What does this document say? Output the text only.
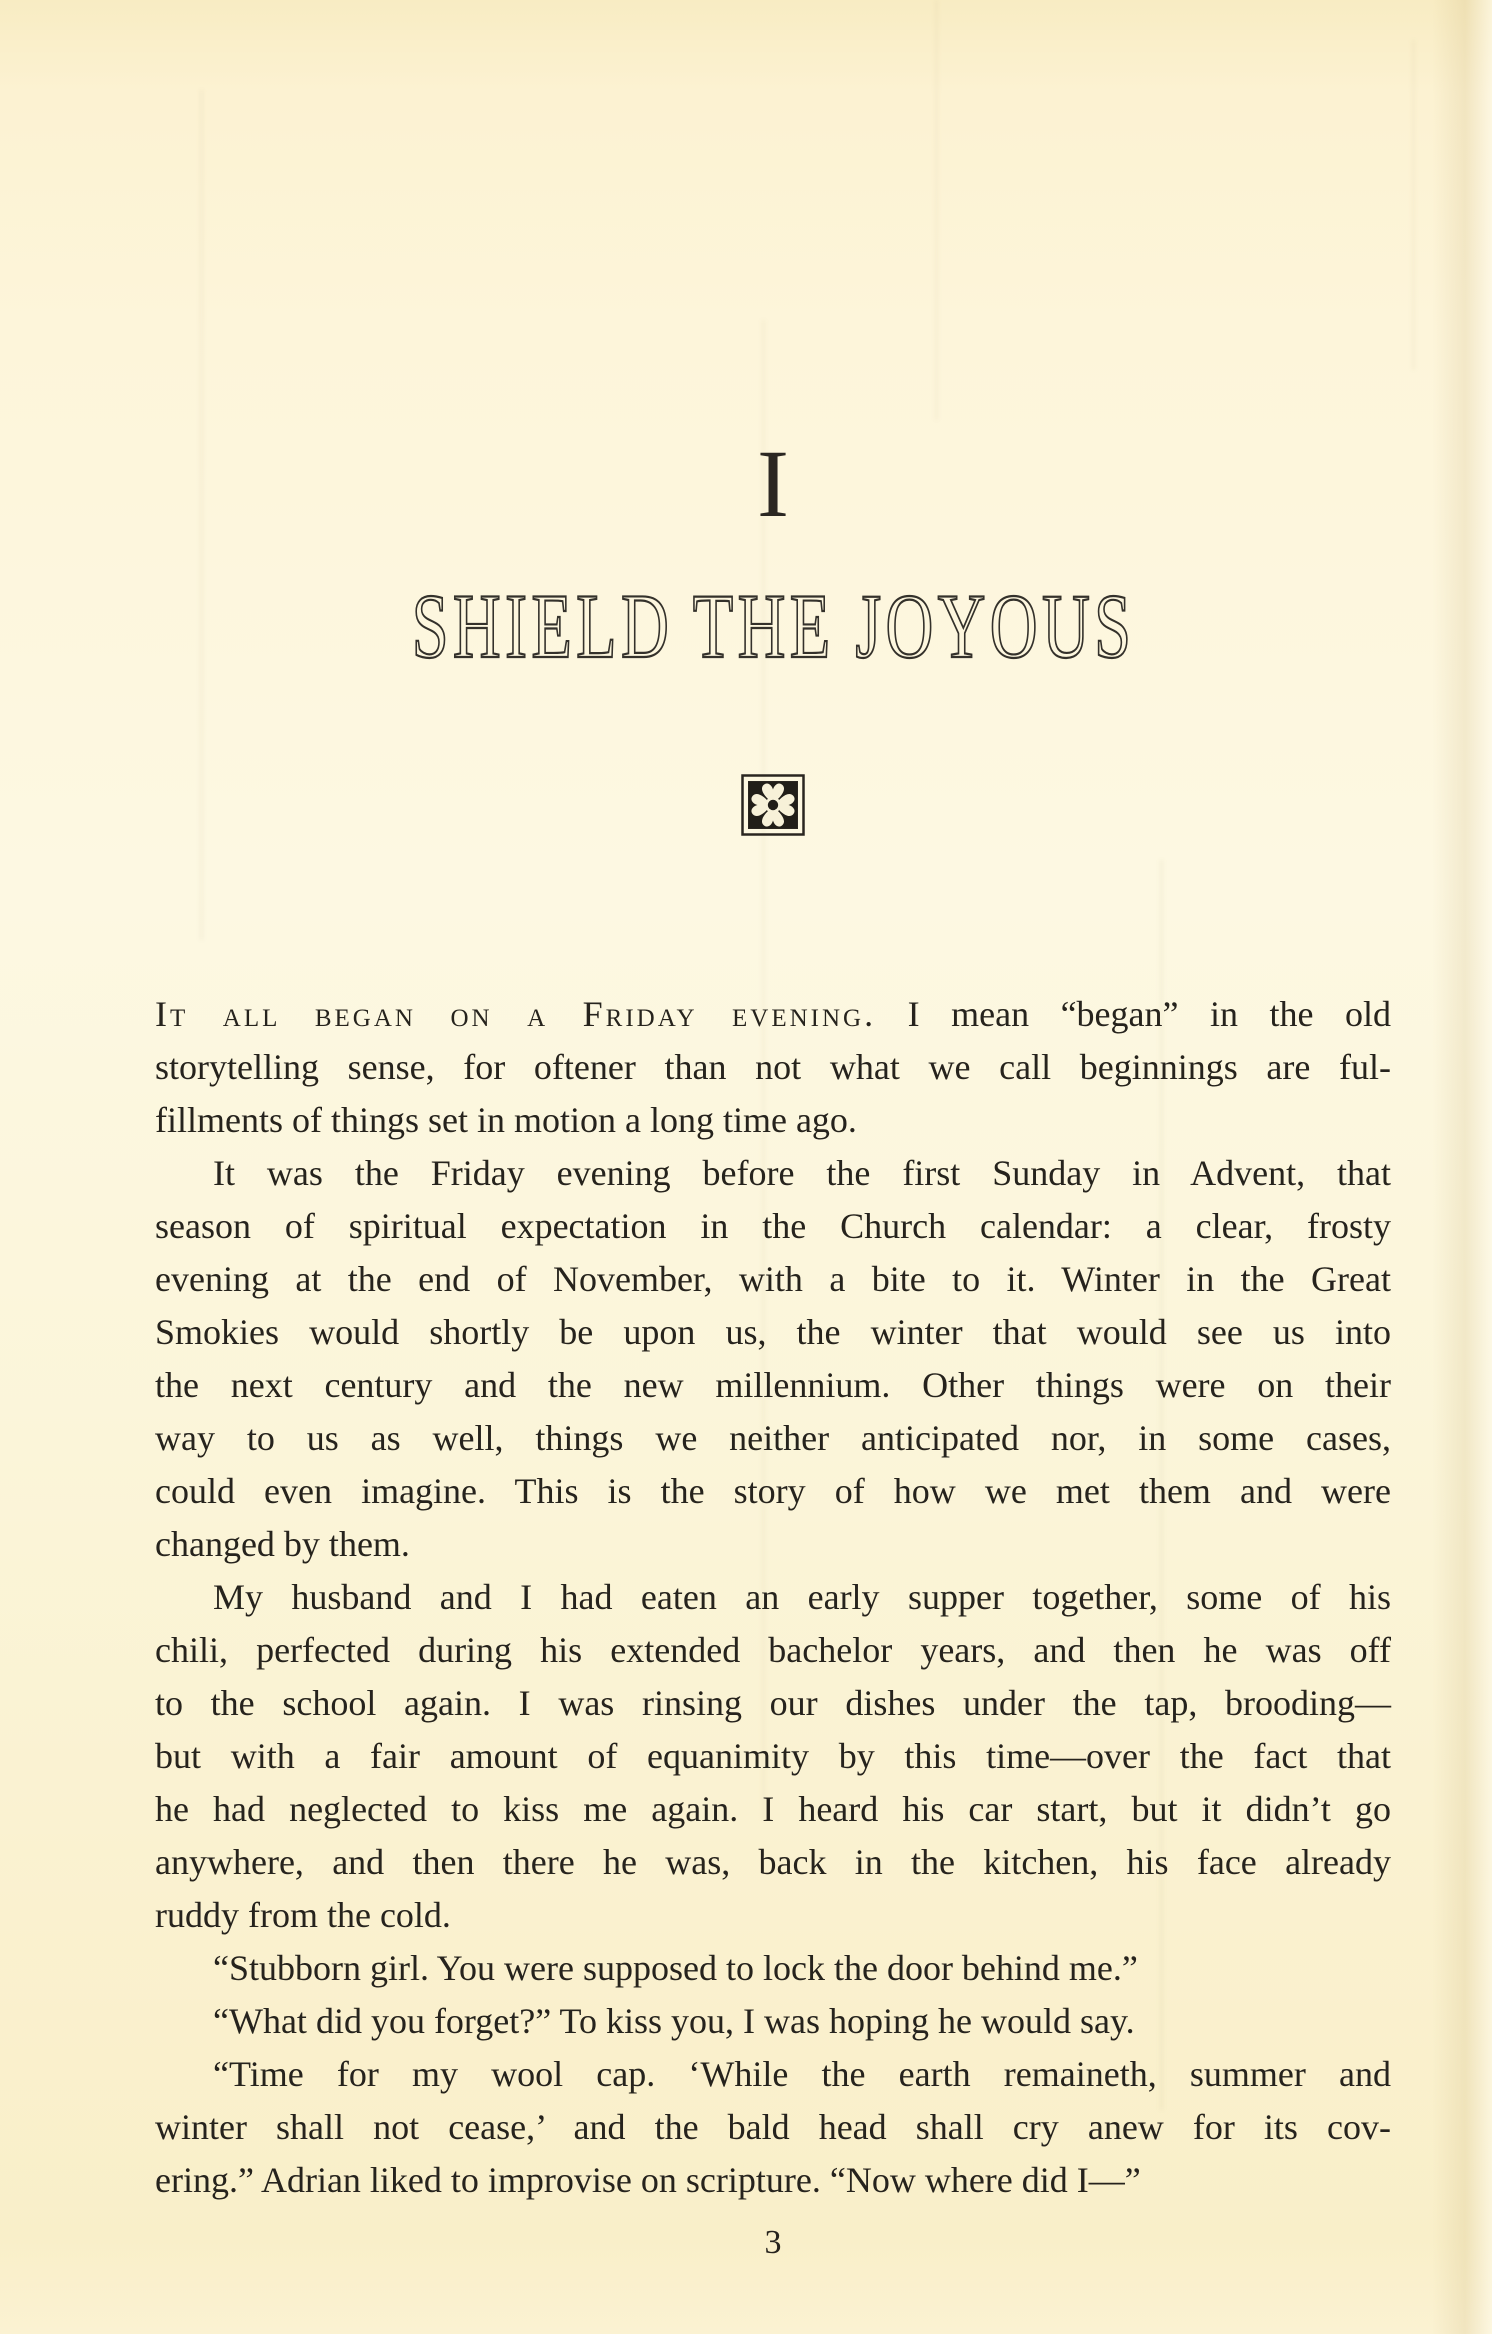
I
SHIELD THE JOYOUS
It all began on a Friday evening. I mean “began” in the old
storytelling sense, for oftener than not what we call beginnings are ful-
fillments of things set in motion a long time ago.
It was the Friday evening before the first Sunday in Advent, that
season of spiritual expectation in the Church calendar: a clear, frosty
evening at the end of November, with a bite to it. Winter in the Great
Smokies would shortly be upon us, the winter that would see us into
the next century and the new millennium. Other things were on their
way to us as well, things we neither anticipated nor, in some cases,
could even imagine. This is the story of how we met them and were
changed by them.
My husband and I had eaten an early supper together, some of his
chili, perfected during his extended bachelor years, and then he was off
to the school again. I was rinsing our dishes under the tap, brooding—
but with a fair amount of equanimity by this time—over the fact that
he had neglected to kiss me again. I heard his car start, but it didn’t go
anywhere, and then there he was, back in the kitchen, his face already
ruddy from the cold.
“Stubborn girl. You were supposed to lock the door behind me.”
“What did you forget?” To kiss you, I was hoping he would say.
“Time for my wool cap. ‘While the earth remaineth, summer and
winter shall not cease,’ and the bald head shall cry anew for its cov-
ering.” Adrian liked to improvise on scripture. “Now where did I—”
3
